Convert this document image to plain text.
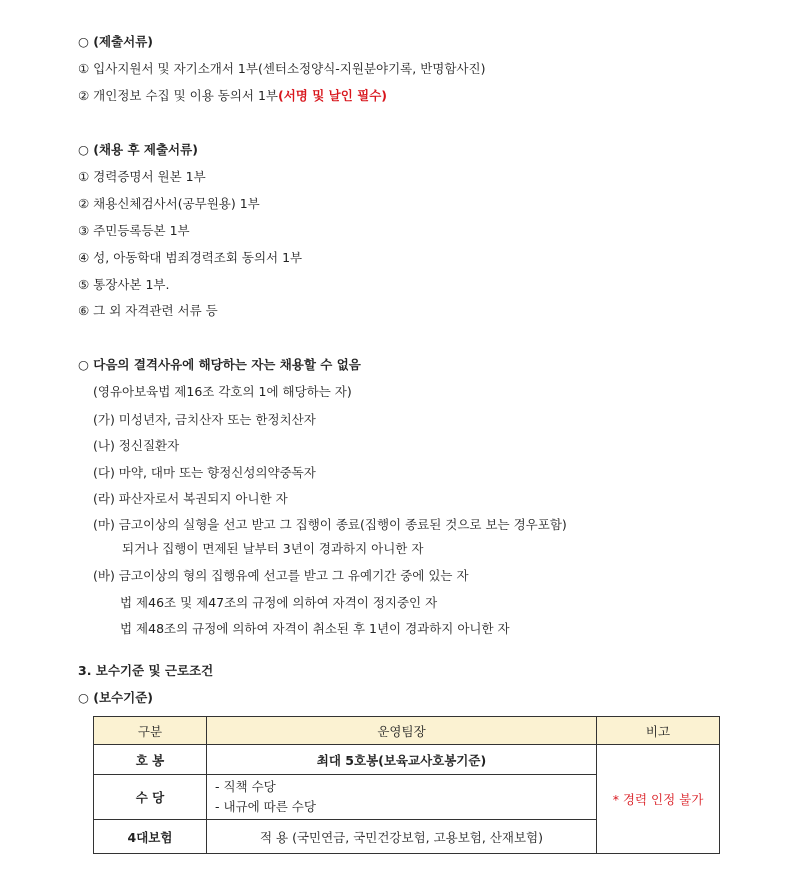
○ (제출서류)
① 입사지원서 및 자기소개서 1부(센터소정양식-지원분야기록, 반명함사진)
② 개인정보 수집 및 이용 동의서 1부(서명 및 날인 필수)
○ (채용 후 제출서류)
① 경력증명서 원본 1부
② 채용신체검사서(공무원용) 1부
③ 주민등록등본 1부
④ 성, 아동학대 범죄경력조회 동의서 1부
⑤ 통장사본 1부.
⑥ 그 외 자격관련 서류 등
○ 다음의 결격사유에 해당하는 자는 채용할 수 없음
(영유아보육법 제16조 각호의 1에 해당하는 자)
(가) 미성년자, 금치산자 또는 한정치산자
(나) 정신질환자
(다) 마약, 대마 또는 향정신성의약중독자
(라) 파산자로서 복권되지 아니한 자
(마) 금고이상의 실형을 선고 받고 그 집행이 종료(집행이 종료된 것으로 보는 경우포함)
되거나 집행이 면제된 날부터 3년이 경과하지 아니한 자
(바) 금고이상의 형의 집행유예 선고를 받고 그 유예기간 중에 있는 자
법 제46조 및 제47조의 규정에 의하여 자격이 정지중인 자
법 제48조의 규정에 의하여 자격이 취소된 후 1년이 경과하지 아니한 자
3. 보수기준 및 근로조건
○ (보수기준)
구분	운영팀장	비고
호 봉	최대 5호봉(보육교사호봉기준)	* 경력 인정 불가
수 당	- 직책 수당
- 내규에 따른 수당	

4대보험	적 용 (국민연금, 국민건강보험, 고용보험, 산재보험)	
